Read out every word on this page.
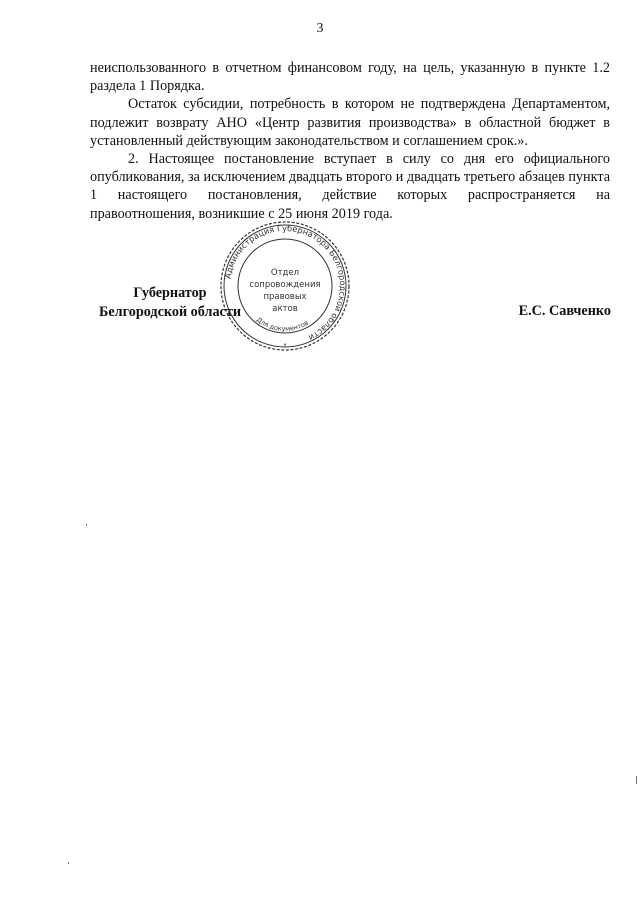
3

неиспользованного в отчетном финансовом году, на цель, указанную в пункте 1.2 раздела 1 Порядка.

Остаток субсидии, потребность в котором не подтверждена Департаментом, подлежит возврату АНО «Центр развития производства» в областной бюджет в установленный действующим законодательством и соглашением срок.».

2. Настоящее постановление вступает в силу со дня его официального опубликования, за исключением двадцать второго и двадцать третьего абзацев пункта 1 настоящего постановления, действие которых распространяется на правоотношения, возникшие с 25 июня 2019 года.

Губернатор
Белгородской области
Администрация Губернатора Белгородской области
Для документов
Отдел
сопровождения
правовых
актов
*
Е.С. Савченко
